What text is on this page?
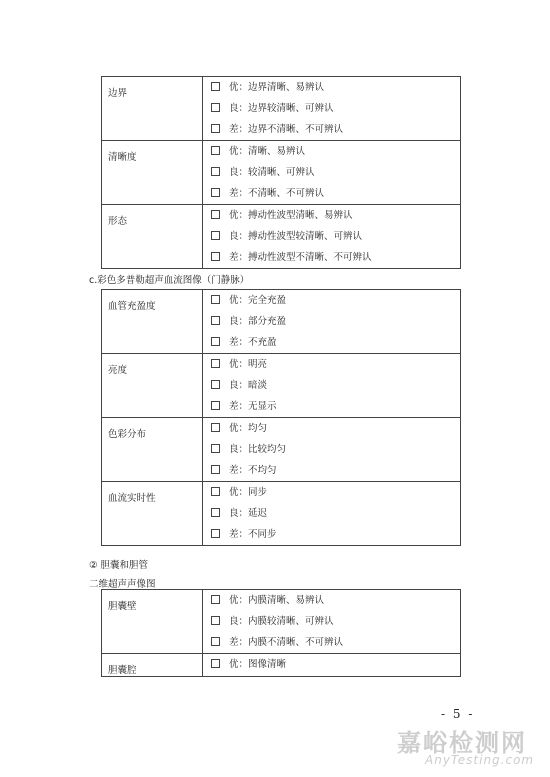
边界	优：边界清晰、易辨认
良：边界较清晰、可辨认
差：边界不清晰、不可辨认

清晰度	优：清晰、易辨认
良：较清晰、可辨认
差：不清晰、不可辨认

形态	优：搏动性波型清晰、易辨认
良：搏动性波型较清晰、可辨认
差：搏动性波型不清晰、不可辨认
c.彩色多普勒超声血流图像（门静脉）
血管充盈度	优：完全充盈
良：部分充盈
差：不充盈

亮度	优：明亮
良：暗淡
差：无显示

色彩分布	优：均匀
良：比较均匀
差：不均匀

血流实时性	优：同步
良：延迟
差：不同步
② 胆囊和胆管
二维超声声像图
胆囊壁	优：内膜清晰、易辨认
良：内膜较清晰、可辨认
差：内膜不清晰、不可辨认

胆囊腔	优：图像清晰
- 5 -
嘉峪检测网
AnyTesting.com
